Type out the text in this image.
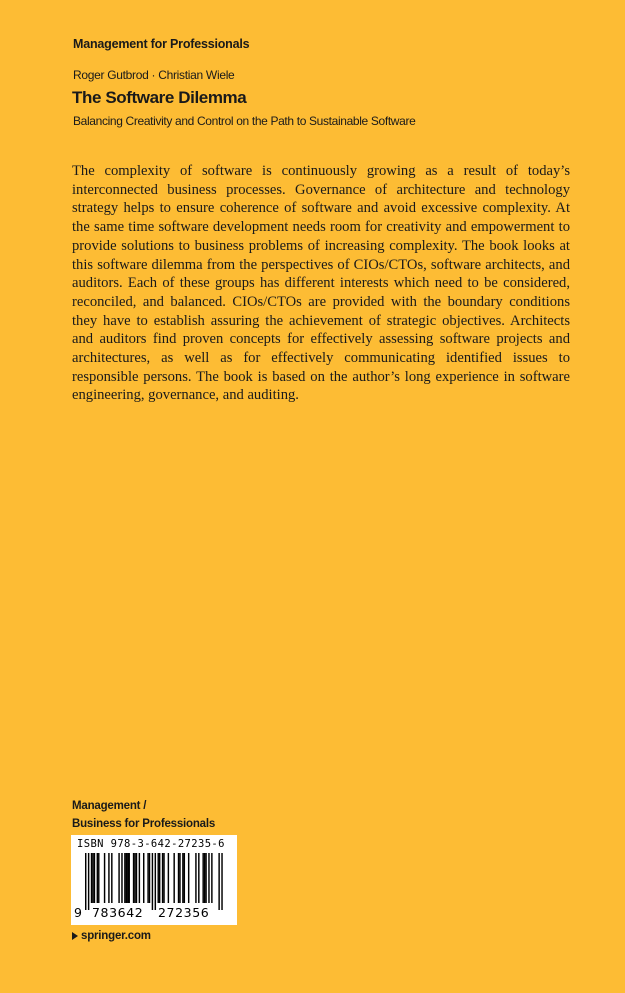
Management for Professionals
Roger Gutbrod · Christian Wiele
The Software Dilemma
Balancing Creativity and Control on the Path to Sustainable Software

The complexity of software is continuously growing as a result of today’s interconnected business processes. Governance of architecture and technology strategy helps to ensure coherence of software and avoid excessive complexity. At the same time software development needs room for creativity and empowerment to provide solutions to business problems of increasing complexity. The book looks at this software dilemma from the perspectives of CIOs/CTOs, software architects, and auditors. Each of these groups has different interests which need to be considered, reconciled, and balanced. CIOs/​CTOs are provided with the boundary conditions they have to establish assuring the achievement of strategic objectives. Architects and auditors find proven concepts for effectively assessing software projects and architectures, as well as for effectively communicating identified issues to responsible persons. The book is based on the author’s long experience in software engineering, governance, and auditing.

Management /
Business for Professionals
ISBN 978-3-642-27235-6
9 783642 272356
springer.com
